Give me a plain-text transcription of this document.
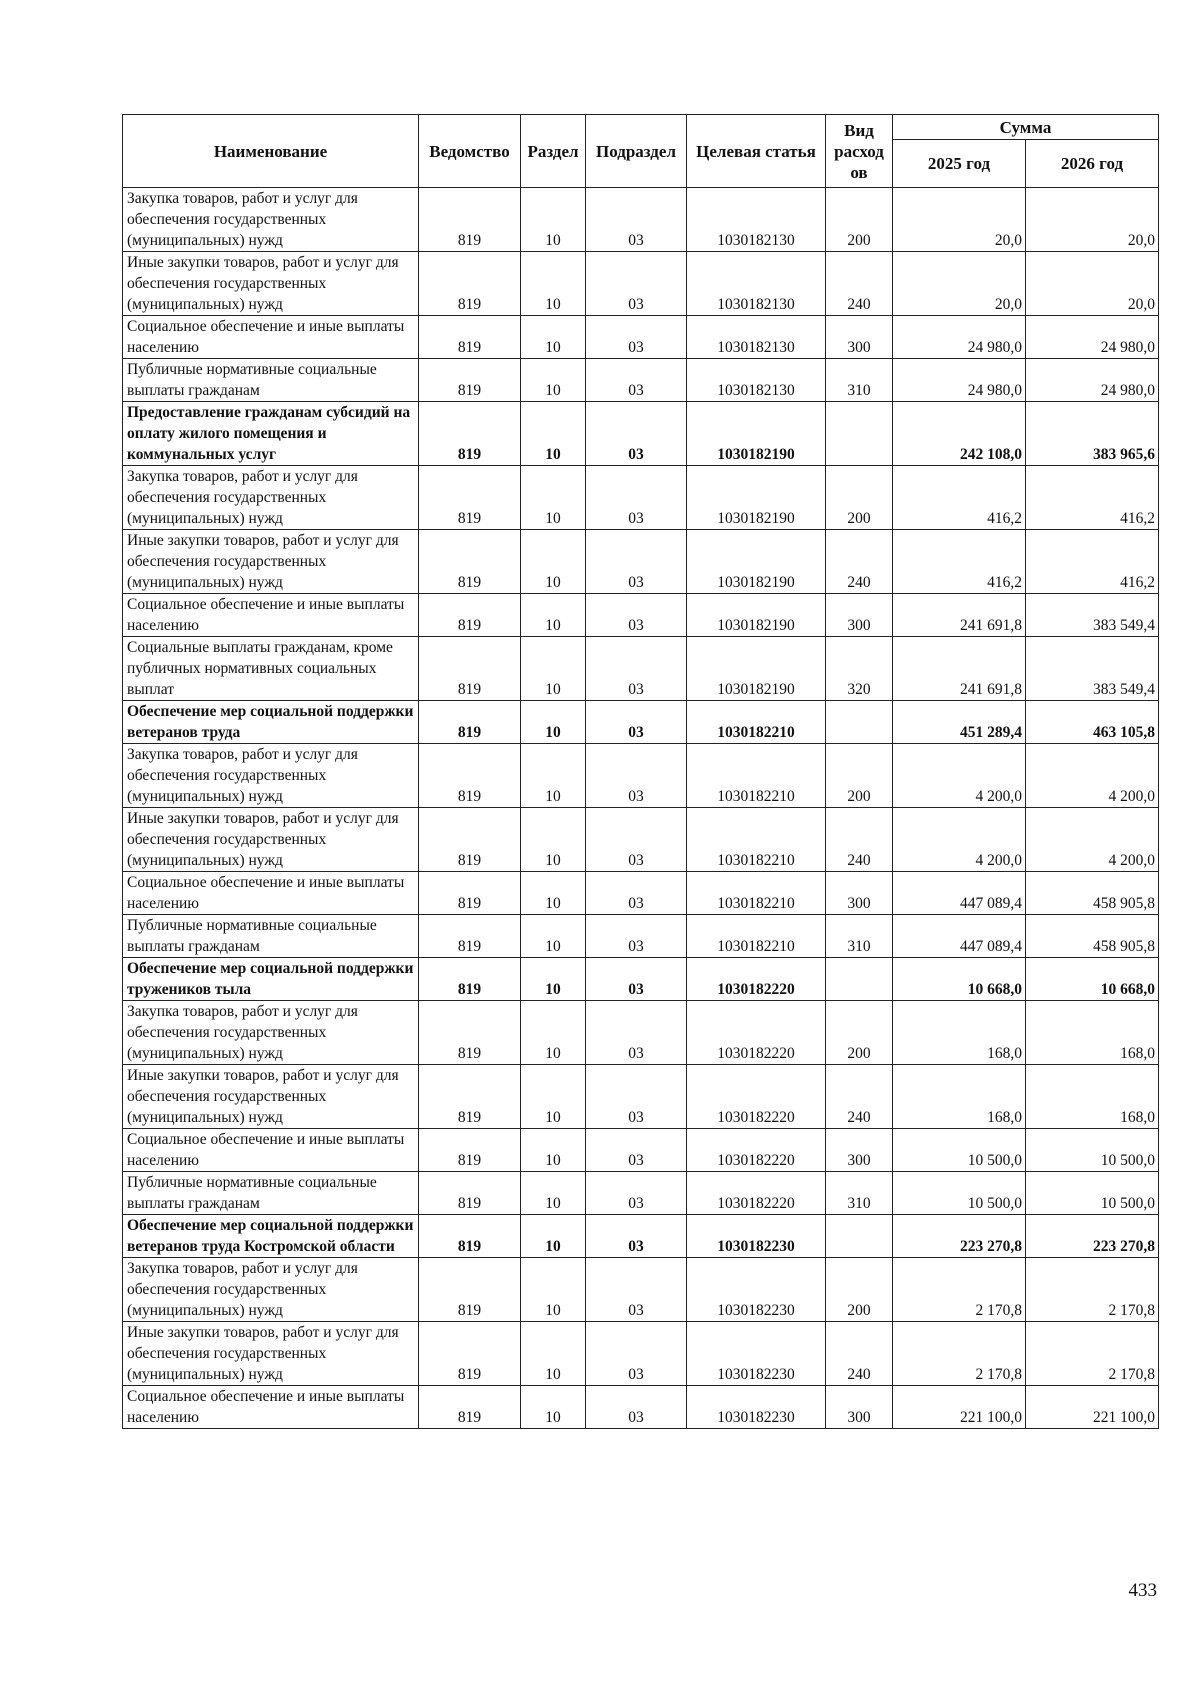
Наименование	Ведомство	Раздел	Подраздел	Целевая статья	Вид расход ов	Сумма	
						2025 год	2026 год
Закупка товаров, работ и услуг для обеспечения государственных (муниципальных) нужд	819	10	03	1030182130	200	20,0	20,0
Иные закупки товаров, работ и услуг для обеспечения государственных (муниципальных) нужд	819	10	03	1030182130	240	20,0	20,0
Социальное обеспечение и иные выплаты населению	819	10	03	1030182130	300	24 980,0	24 980,0
Публичные нормативные социальные выплаты гражданам	819	10	03	1030182130	310	24 980,0	24 980,0
Предоставление гражданам субсидий на оплату жилого помещения и коммунальных услуг	819	10	03	1030182190		242 108,0	383 965,6
Закупка товаров, работ и услуг для обеспечения государственных (муниципальных) нужд	819	10	03	1030182190	200	416,2	416,2
Иные закупки товаров, работ и услуг для обеспечения государственных (муниципальных) нужд	819	10	03	1030182190	240	416,2	416,2
Социальное обеспечение и иные выплаты населению	819	10	03	1030182190	300	241 691,8	383 549,4
Социальные выплаты гражданам, кроме публичных нормативных социальных выплат	819	10	03	1030182190	320	241 691,8	383 549,4
Обеспечение мер социальной поддержки ветеранов труда	819	10	03	1030182210		451 289,4	463 105,8
Закупка товаров, работ и услуг для обеспечения государственных (муниципальных) нужд	819	10	03	1030182210	200	4 200,0	4 200,0
Иные закупки товаров, работ и услуг для обеспечения государственных (муниципальных) нужд	819	10	03	1030182210	240	4 200,0	4 200,0
Социальное обеспечение и иные выплаты населению	819	10	03	1030182210	300	447 089,4	458 905,8
Публичные нормативные социальные выплаты гражданам	819	10	03	1030182210	310	447 089,4	458 905,8
Обеспечение мер социальной поддержки тружеников тыла	819	10	03	1030182220		10 668,0	10 668,0
Закупка товаров, работ и услуг для обеспечения государственных (муниципальных) нужд	819	10	03	1030182220	200	168,0	168,0
Иные закупки товаров, работ и услуг для обеспечения государственных (муниципальных) нужд	819	10	03	1030182220	240	168,0	168,0
Социальное обеспечение и иные выплаты населению	819	10	03	1030182220	300	10 500,0	10 500,0
Публичные нормативные социальные выплаты гражданам	819	10	03	1030182220	310	10 500,0	10 500,0
Обеспечение мер социальной поддержки ветеранов труда Костромской области	819	10	03	1030182230		223 270,8	223 270,8
Закупка товаров, работ и услуг для обеспечения государственных (муниципальных) нужд	819	10	03	1030182230	200	2 170,8	2 170,8
Иные закупки товаров, работ и услуг для обеспечения государственных (муниципальных) нужд	819	10	03	1030182230	240	2 170,8	2 170,8
Социальное обеспечение и иные выплаты населению	819	10	03	1030182230	300	221 100,0	221 100,0
433
